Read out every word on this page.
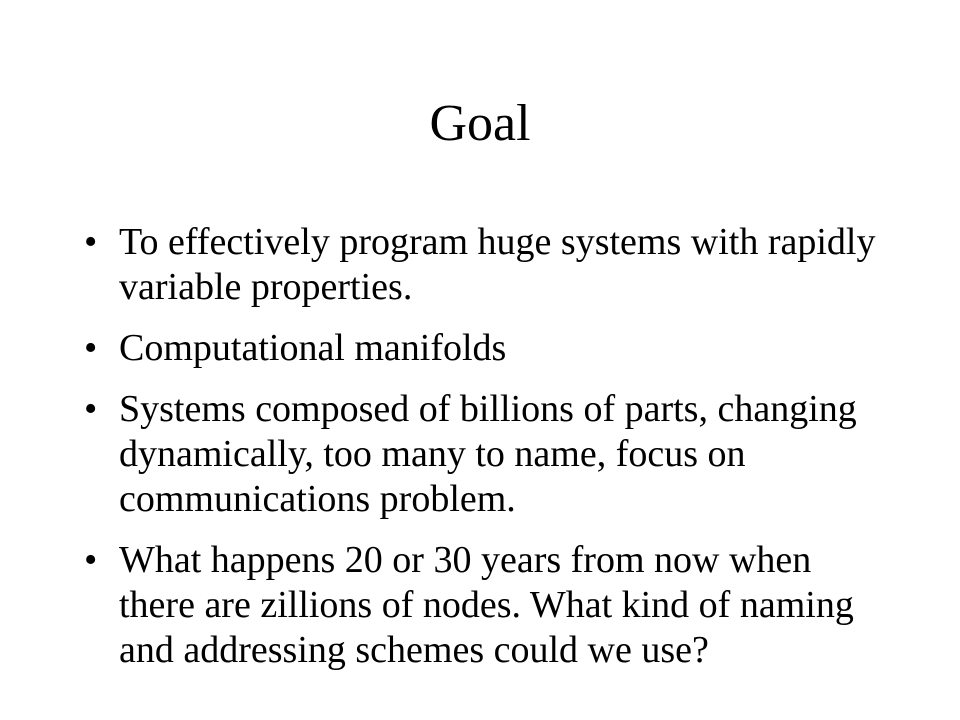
Goal
• To effectively program huge systems with rapidly variable properties.
• Computational manifolds
• Systems composed of billions of parts, changing dynamically, too many to name, focus on communications problem.
• What happens 20 or 30 years from now when there are zillions of nodes. What kind of naming and addressing schemes could we use?
